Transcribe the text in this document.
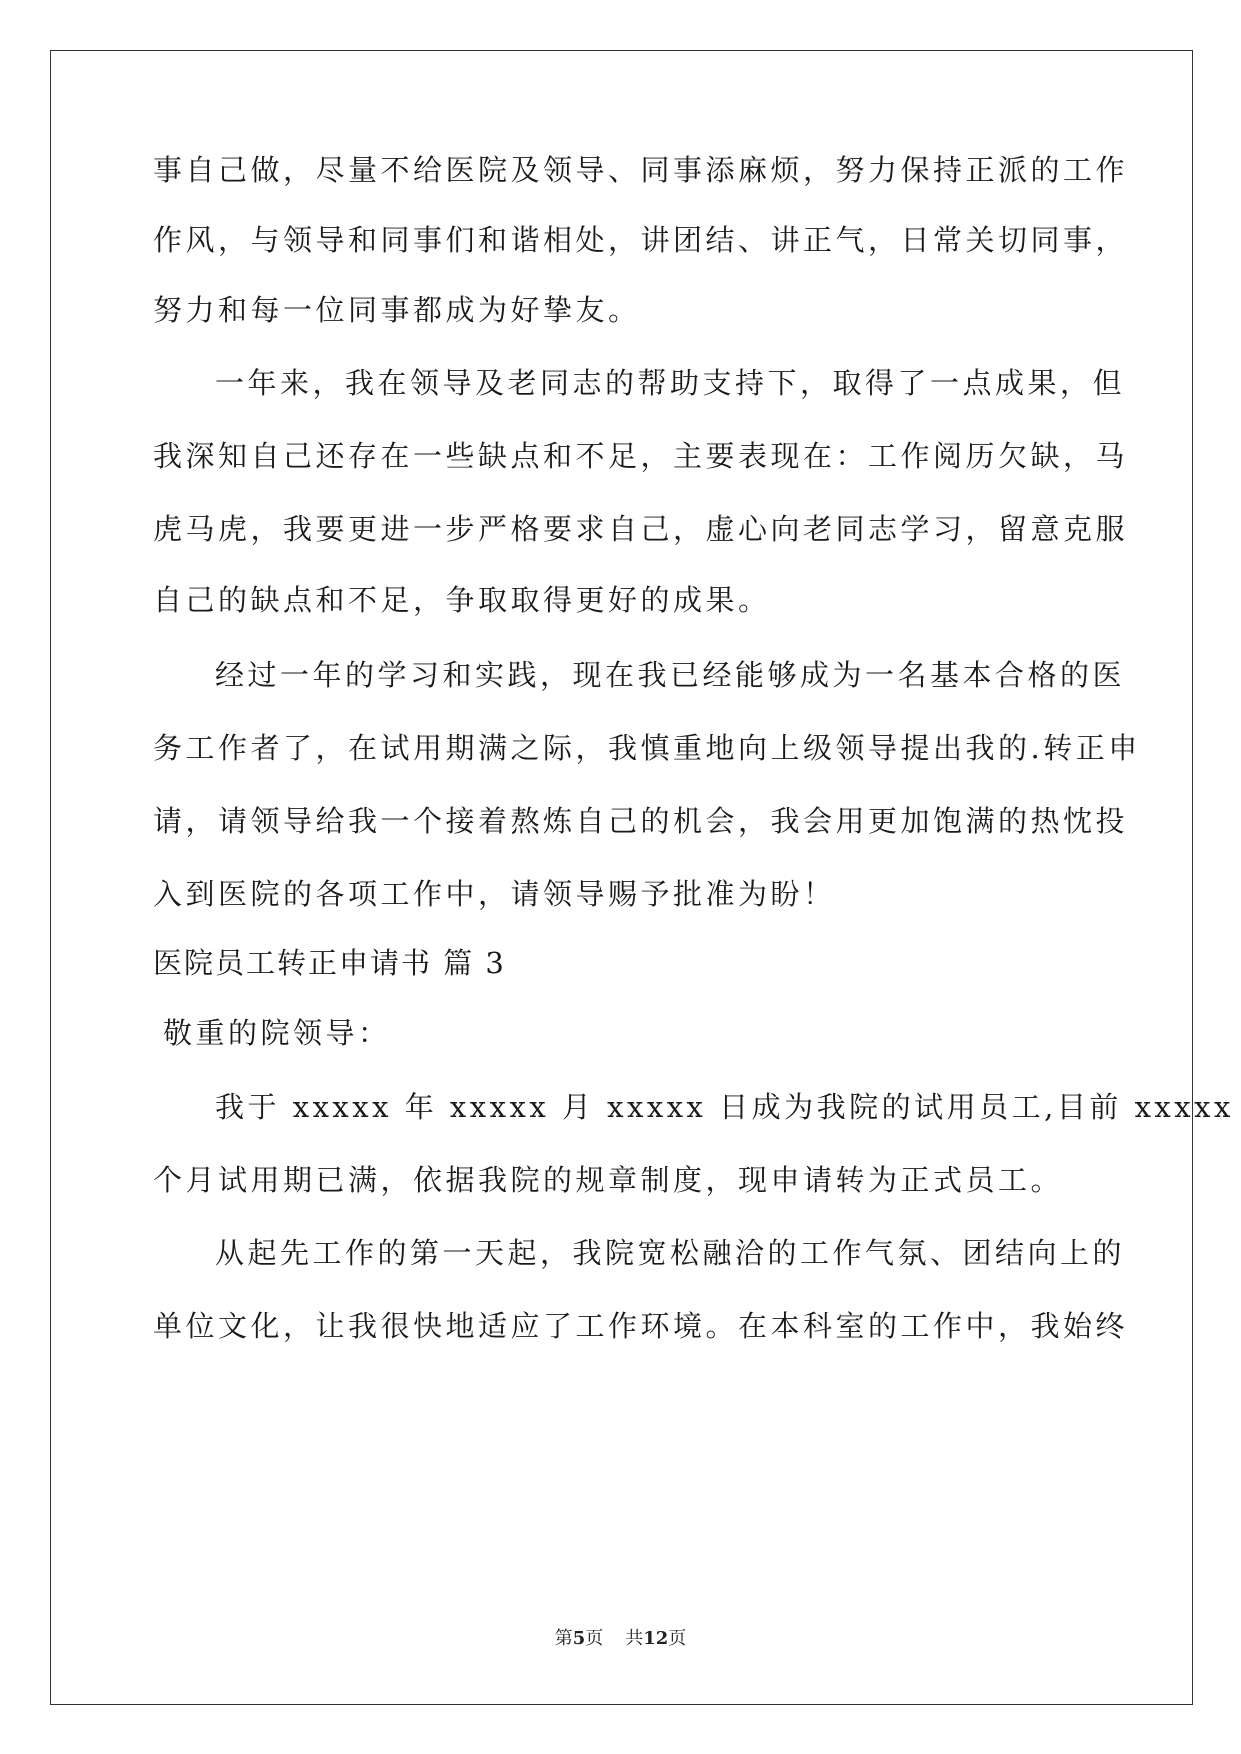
事自己做，尽量不给医院及领导、同事添麻烦，努力保持正派的工作
作风，与领导和同事们和谐相处，讲团结、讲正气，日常关切同事，
努力和每一位同事都成为好挚友。
一年来，我在领导及老同志的帮助支持下，取得了一点成果，但
我深知自己还存在一些缺点和不足，主要表现在：工作阅历欠缺，马
虎马虎，我要更进一步严格要求自己，虚心向老同志学习，留意克服
自己的缺点和不足，争取取得更好的成果。
经过一年的学习和实践，现在我已经能够成为一名基本合格的医
务工作者了，在试用期满之际，我慎重地向上级领导提出我的.转正申
请，请领导给我一个接着熬炼自己的机会，我会用更加饱满的热忱投
入到医院的各项工作中，请领导赐予批准为盼！
医院员工转正申请书 篇 3
敬重的院领导：
我于 xxxxx 年 xxxxx 月 xxxxx 日成为我院的试用员工,目前 xxxxx
个月试用期已满，依据我院的规章制度，现申请转为正式员工。
从起先工作的第一天起，我院宽松融洽的工作气氛、团结向上的
单位文化，让我很快地适应了工作环境。在本科室的工作中，我始终
第5页 共12页
